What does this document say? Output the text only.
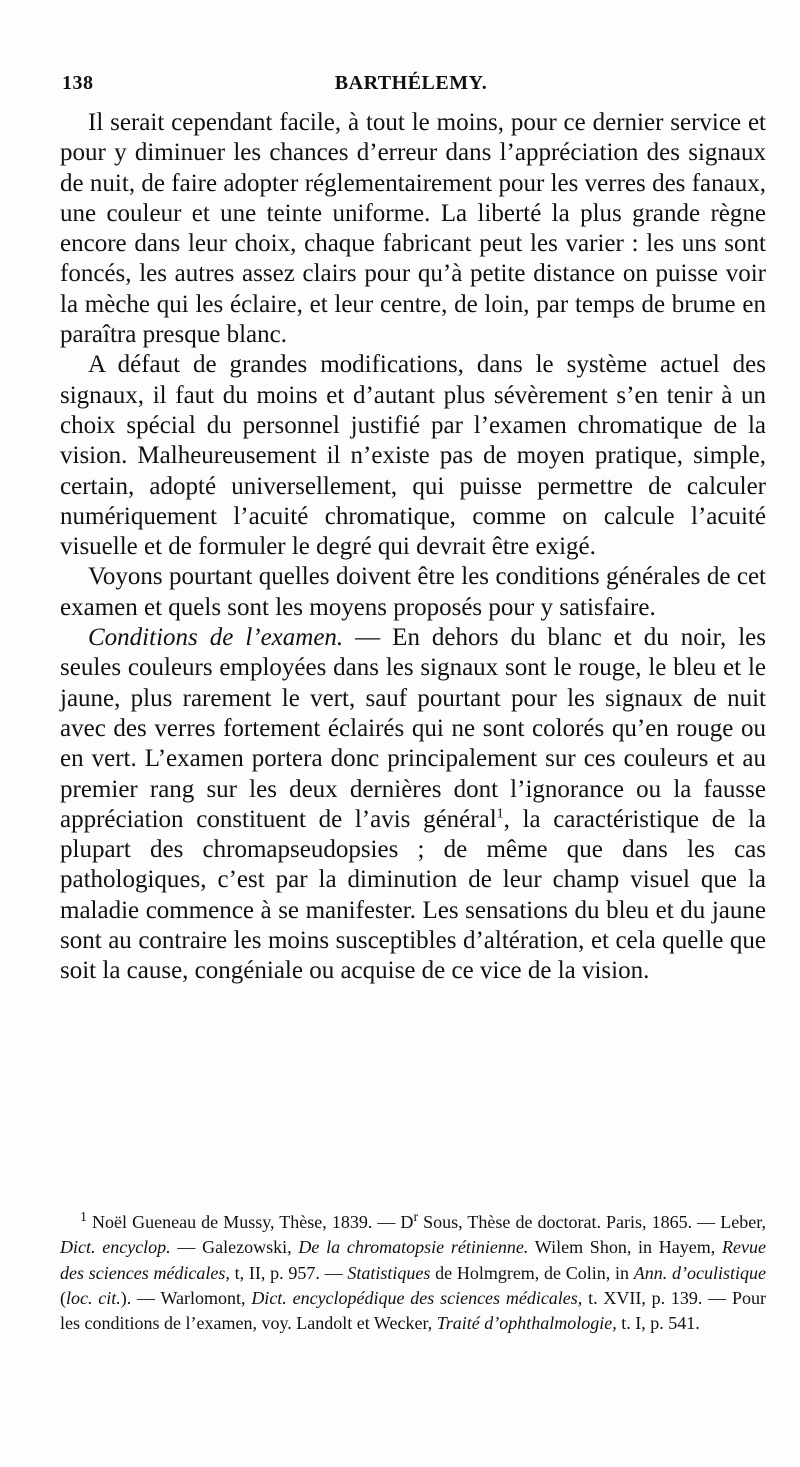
138	BARTHÉLEMY.

Il serait cependant facile, à tout le moins, pour ce dernier service et pour y diminuer les chances d’erreur dans l’appréciation des signaux de nuit, de faire adopter réglementairement pour les verres des fanaux, une couleur et une teinte uniforme. La liberté la plus grande règne encore dans leur choix, chaque fabricant peut les varier : les uns sont foncés, les autres assez clairs pour qu’à petite distance on puisse voir la mèche qui les éclaire, et leur centre, de loin, par temps de brume en paraîtra presque blanc.

A défaut de grandes modifications, dans le système actuel des signaux, il faut du moins et d’autant plus sévèrement s’en tenir à un choix spécial du personnel justifié par l’examen chromatique de la vision. Malheureusement il n’existe pas de moyen pratique, simple, certain, adopté universellement, qui puisse permettre de calculer numériquement l’acuité chromatique, comme on calcule l’acuité visuelle et de formuler le degré qui devrait être exigé.

Voyons pourtant quelles doivent être les conditions générales de cet examen et quels sont les moyens proposés pour y satisfaire.

Conditions de l’examen. — En dehors du blanc et du noir, les seules couleurs employées dans les signaux sont le rouge, le bleu et le jaune, plus rarement le vert, sauf pourtant pour les signaux de nuit avec des verres fortement éclairés qui ne sont colorés qu’en rouge ou en vert. L’examen portera donc principalement sur ces couleurs et au premier rang sur les deux dernières dont l’ignorance ou la fausse appréciation constituent de l’avis général$^1$, la caractéristique de la plupart des chromapseudopsies ; de même que dans les cas pathologiques, c’est par la diminution de leur champ visuel que la maladie commence à se manifester. Les sensations du bleu et du jaune sont au contraire les moins susceptibles d’altération, et cela quelle que soit la cause, congéniale ou acquise de ce vice de la vision.

$^1$ Noël Gueneau de Mussy, Thèse, 1839. — $D^r$ Sous, Thèse de doctorat. Paris, 1865. — Leber, Dict. encyclop. — Galezowski, De la chromatopsie rétinienne. Wilem Shon, in Hayem, Revue des sciences médicales, t, II, p. 957. — Statistiques de Holmgrem, de Colin, in Ann. d’oculistique (loc. cit.). — Warlomont, Dict. encyclopédique des sciences médicales, t. XVII, p. 139. — Pour les conditions de l’examen, voy. Landolt et Wecker, Traité d’ophthalmologie, t. I, p. 541.
